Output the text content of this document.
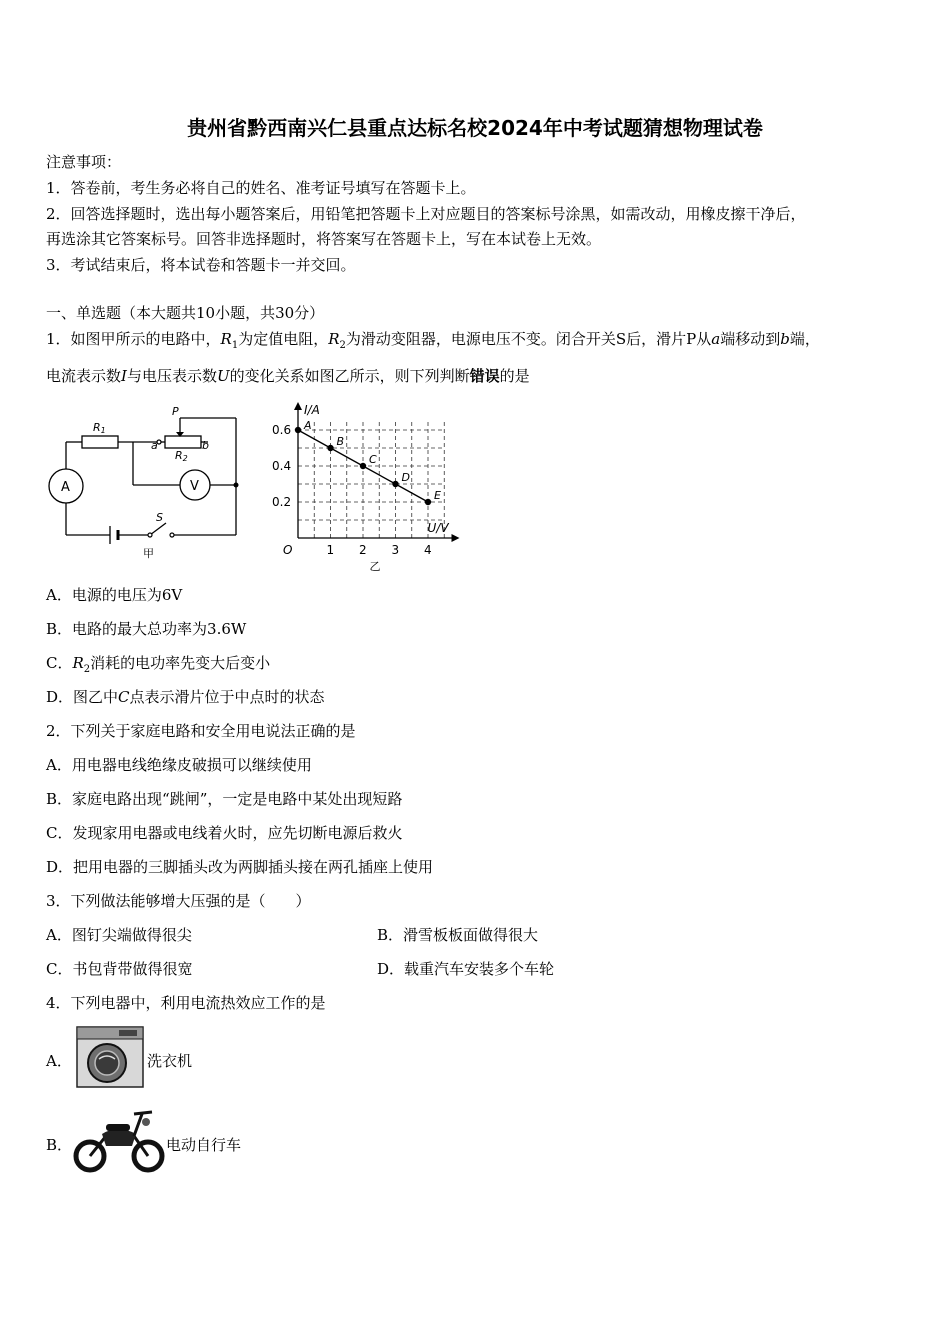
贵州省黔西南兴仁县重点达标名校2024年中考试题猜想物理试卷
注意事项：
1．答卷前，考生务必将自己的姓名、准考证号填写在答题卡上。
2．回答选择题时，选出每小题答案后，用铅笔把答题卡上对应题目的答案标号涂黑，如需改动，用橡皮擦干净后，
再选涂其它答案标号。回答非选择题时，将答案写在答题卡上，写在本试卷上无效。
3．考试结束后，将本试卷和答题卡一并交回。
一、单选题（本大题共10小题，共30分）
1．如图甲所示的电路中，$R_1$为定值电阻，$R_2$为滑动变阻器，电源电压不变。闭合开关S后，滑片P从a端移动到b端，
电流表示数I与电压表示数U的变化关系如图乙所示，则下列判断错误的是
R1
P
a	b
R2
S
A	V
甲
A
B
C
D
E
1 2 3 4
0.2
0.4
0.6
O
I/A
U/V
乙
A．电源的电压为6V
B．电路的最大总功率为3.6W
C．$R_2$消耗的电功率先变大后变小
D．图乙中C点表示滑片位于中点时的状态
2．下列关于家庭电路和安全用电说法正确的是
A．用电器电线绝缘皮破损可以继续使用
B．家庭电路出现“跳闸”，一定是电路中某处出现短路
C．发现家用电器或电线着火时，应先切断电源后救火
D．把用电器的三脚插头改为两脚插头接在两孔插座上使用
3．下列做法能够增大压强的是（　　）
A．图钉尖端做得很尖	B．滑雪板板面做得很大
C．书包背带做得很宽	D．载重汽车安装多个车轮
4．下列电器中，利用电流热效应工作的是
A．	洗衣机
B．	电动自行车
